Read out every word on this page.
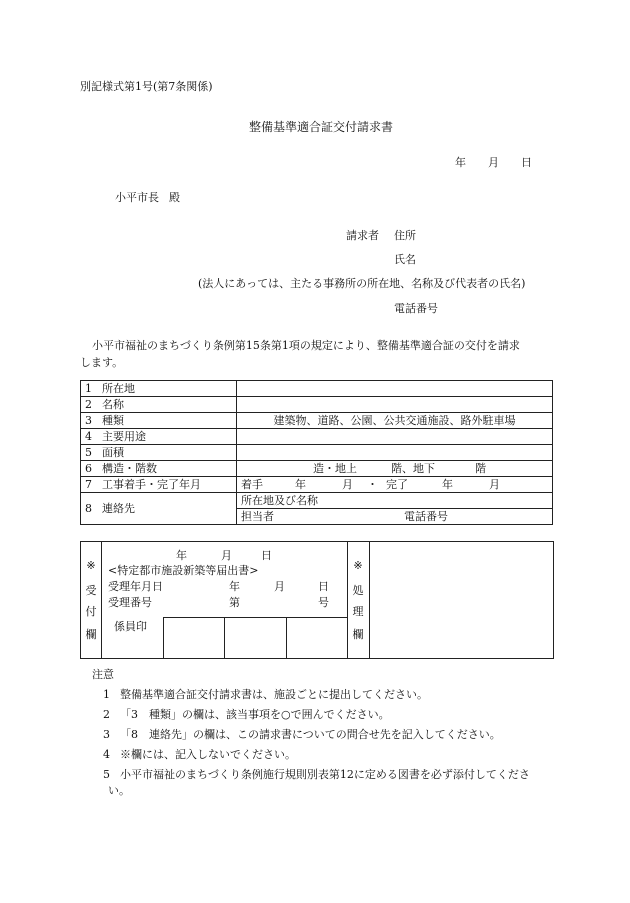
別記様式第1号(第7条関係)
整備基準適合証交付請求書
年 月 日
小平市長 殿
請求者 住所
氏名
(法人にあっては、主たる事務所の所在地、名称及び代表者の氏名)
電話番号
小平市福祉のまちづくり条例第15条第1項の規定により、整備基準適合証の交付を請求
します。
1 所在地	
2 名称	
3 種類	建築物、道路、公園、公共交通施設、路外駐車場
4 主要用途	
5 面積	
6 構造・階数	造・地上 階、地下 階
7 工事着手・完了年月	着手 年 月 ・ 完了 年 月
8 連絡先	所在地及び名称
	担当者 電話番号
※
受
付
欄
年	月	日
<特定都市施設新築等届出書>
受理年月日	年	月	日
受理番号	第	号
係員印
※
処
理
欄
注意
1 整備基準適合証交付請求書は、施設ごとに提出してください。
2 「3　種類」の欄は、該当事項を○で囲んでください。
3 「8　連絡先」の欄は、この請求書についての問合せ先を記入してください。
4 ※欄には、記入しないでください。
5 小平市福祉のまちづくり条例施行規則別表第12に定める図書を必ず添付してくださ
い。
